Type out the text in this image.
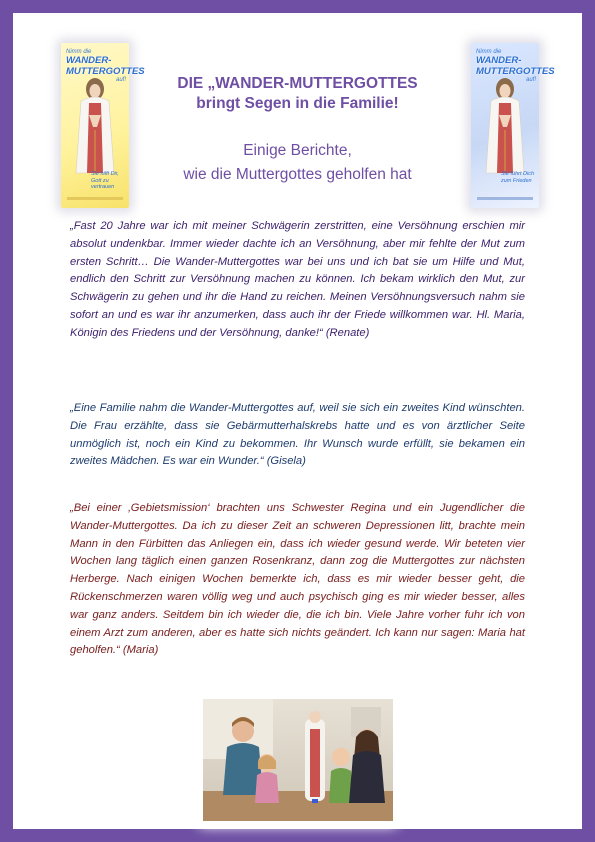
Nimm die
WANDER-MUTTERGOTTES
auf!
Sie hilft Dir, Gott zu vertrauen
Nimm die
WANDER-MUTTERGOTTES
auf!
Sie führt Dich zum Frieden
DIE „WANDER-MUTTERGOTTES
bringt Segen in die Familie!
Einige Berichte,
wie die Muttergottes geholfen hat

„Fast 20 Jahre war ich mit meiner Schwägerin zerstritten, eine Versöhnung erschien mir absolut undenkbar. Immer wieder dachte ich an Versöhnung, aber mir fehlte der Mut zum ersten Schritt… Die Wander-Muttergottes war bei uns und ich bat sie um Hilfe und Mut, endlich den Schritt zur Versöhnung machen zu können. Ich bekam wirklich den Mut, zur Schwägerin zu gehen und ihr die Hand zu reichen. Meinen Versöhnungsversuch nahm sie sofort an und es war ihr anzumerken, dass auch ihr der Friede willkommen war. Hl. Maria, Königin des Friedens und der Versöhnung, danke!“ (Renate)

„Eine Familie nahm die Wander-Muttergottes auf, weil sie sich ein zweites Kind wünschten. Die Frau erzählte, dass sie Gebärmutterhalskrebs hatte und es von ärztlicher Seite unmöglich ist, noch ein Kind zu bekommen. Ihr Wunsch wurde erfüllt, sie bekamen ein zweites Mädchen. Es war ein Wunder.“ (Gisela)

„Bei einer ‚Gebietsmission‘ brachten uns Schwester Regina und ein Jugendlicher die Wander-Muttergottes. Da ich zu dieser Zeit an schweren Depressionen litt, brachte mein Mann in den Fürbitten das Anliegen ein, dass ich wieder gesund werde. Wir beteten vier Wochen lang täglich einen ganzen Rosenkranz, dann zog die Muttergottes zur nächsten Herberge. Nach einigen Wochen bemerkte ich, dass es mir wieder besser geht, die Rückenschmerzen waren völlig weg und auch psychisch ging es mir wieder besser, alles war ganz anders. Seitdem bin ich wieder die, die ich bin. Viele Jahre vorher fuhr ich von einem Arzt zum anderen, aber es hatte sich nichts geändert. Ich kann nur sagen: Maria hat geholfen.“ (Maria)
